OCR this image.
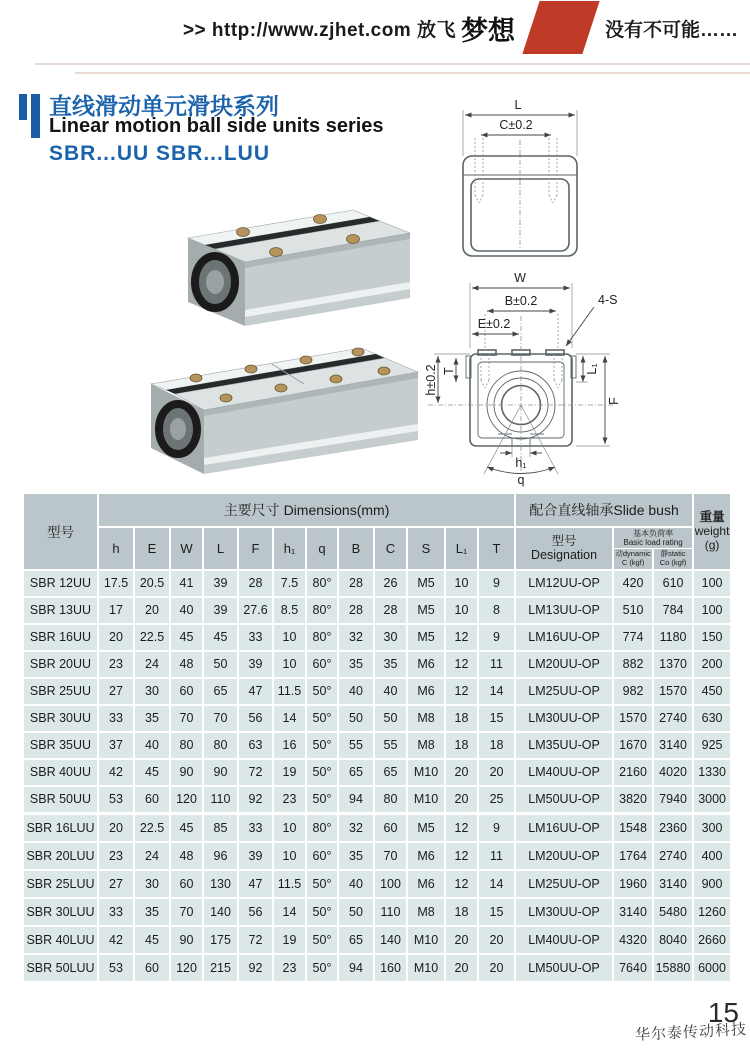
>> http://www.zjhet.com 放飞 梦想	没有不可能……
直线滑动单元滑块系列
Linear motion ball side units series
SBR...UU SBR...LUU
L
C±0.2
W
B±0.2
E±0.2
4-S
h±0.2 T	L₁
F
h₁
q
型号	主要尺寸 Dimensions(mm)												配合直线轴承Slide bush			重量
weight
(g)

h	E	W	L	F	h₁	q	B	C	S	L₁	T	型号
Designation

基本负荷率
Basic load rating
动dynamic
C (kgf)
静static
Co (kgf)

SBR 12UU	17.5	20.5	41	39	28	7.5	80°	28	26	M5	10	9	LM12UU-OP	420	610	100
SBR 13UU	17	20	40	39	27.6	8.5	80°	28	28	M5	10	8	LM13UU-OP	510	784	100
SBR 16UU	20	22.5	45	45	33	10	80°	32	30	M5	12	9	LM16UU-OP	774	1180	150
SBR 20UU	23	24	48	50	39	10	60°	35	35	M6	12	11	LM20UU-OP	882	1370	200
SBR 25UU	27	30	60	65	47	11.5	50°	40	40	M6	12	14	LM25UU-OP	982	1570	450
SBR 30UU	33	35	70	70	56	14	50°	50	50	M8	18	15	LM30UU-OP	1570	2740	630
SBR 35UU	37	40	80	80	63	16	50°	55	55	M8	18	18	LM35UU-OP	1670	3140	925
SBR 40UU	42	45	90	90	72	19	50°	65	65	M10	20	20	LM40UU-OP	2160	4020	1330
SBR 50UU	53	60	120	110	92	23	50°	94	80	M10	20	25	LM50UU-OP	3820	7940	3000
SBR 16LUU	20	22.5	45	85	33	10	80°	32	60	M5	12	9	LM16UU-OP	1548	2360	300
SBR 20LUU	23	24	48	96	39	10	60°	35	70	M6	12	11	LM20UU-OP	1764	2740	400
SBR 25LUU	27	30	60	130	47	11.5	50°	40	100	M6	12	14	LM25UU-OP	1960	3140	900
SBR 30LUU	33	35	70	140	56	14	50°	50	110	M8	18	15	LM30UU-OP	3140	5480	1260
SBR 40LUU	42	45	90	175	72	19	50°	65	140	M10	20	20	LM40UU-OP	4320	8040	2660
SBR 50LUU	53	60	120	215	92	23	50°	94	160	M10	20	20	LM50UU-OP	7640	15880	6000
15
华尔泰传动科技
